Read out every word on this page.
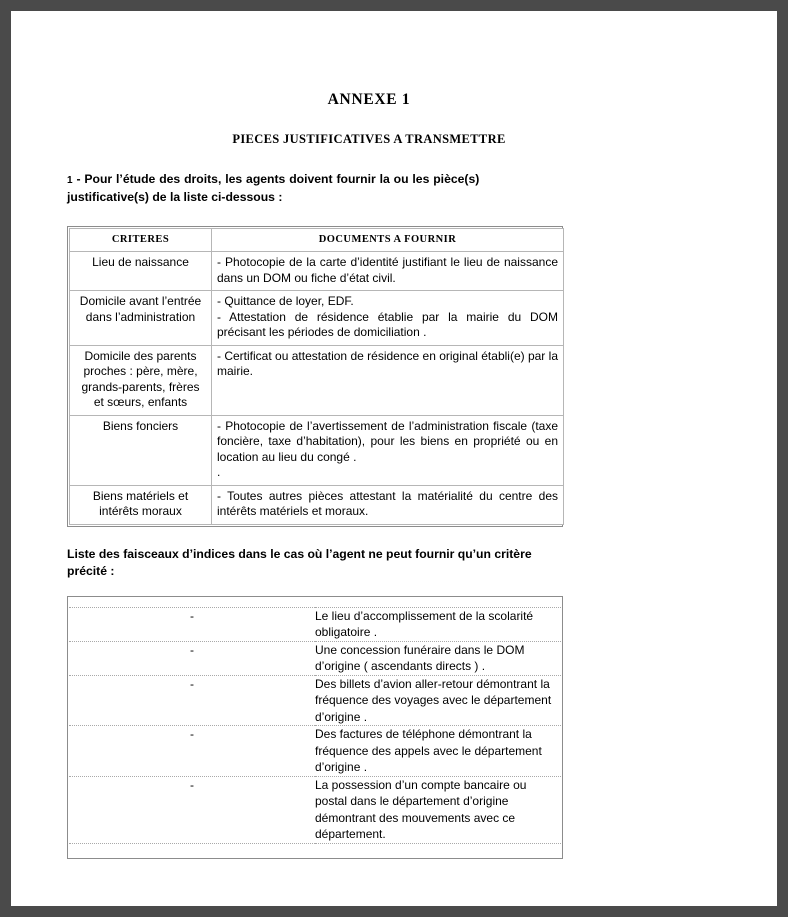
ANNEXE 1
PIECES JUSTIFICATIVES A TRANSMETTRE
1 - Pour l’étude des droits, les agents doivent fournir la ou les pièce(s)
justificative(s) de la liste ci-dessous :
CRITERES	DOCUMENTS A FOURNIR
Lieu de naissance	- Photocopie de la carte d’identité justifiant le lieu de naissance dans un DOM ou fiche d’état civil.

Domicile avant l’entrée dans l’administration	- Quittance de loyer, EDF.

- Attestation de résidence établie par la mairie du DOM précisant les périodes de domiciliation .

Domicile des parents proches : père, mère, grands-parents, frères et sœurs, enfants	- Certificat ou attestation de résidence en original établi(e) par la mairie.

Biens fonciers	- Photocopie de l’avertissement de l’administration fiscale (taxe foncière, taxe d’habitation), pour les biens en propriété ou en location au lieu du congé .

.

Biens matériels et intérêts moraux	- Toutes autres pièces attestant la matérialité du centre des intérêts matériels et moraux.

Liste des faisceaux d’indices dans le cas où l’agent ne peut fournir qu’un critère
précité :

-	Le lieu d’accomplissement de la scolarité obligatoire .
-	Une concession funéraire dans le DOM d’origine ( ascendants directs ) .
-	Des billets d’avion aller-retour démontrant la fréquence des voyages avec le département d’origine .
-	Des factures de téléphone démontrant la fréquence des appels avec le département d’origine .
-	La possession d’un compte bancaire ou postal dans le département d’origine démontrant des mouvements avec ce département.
